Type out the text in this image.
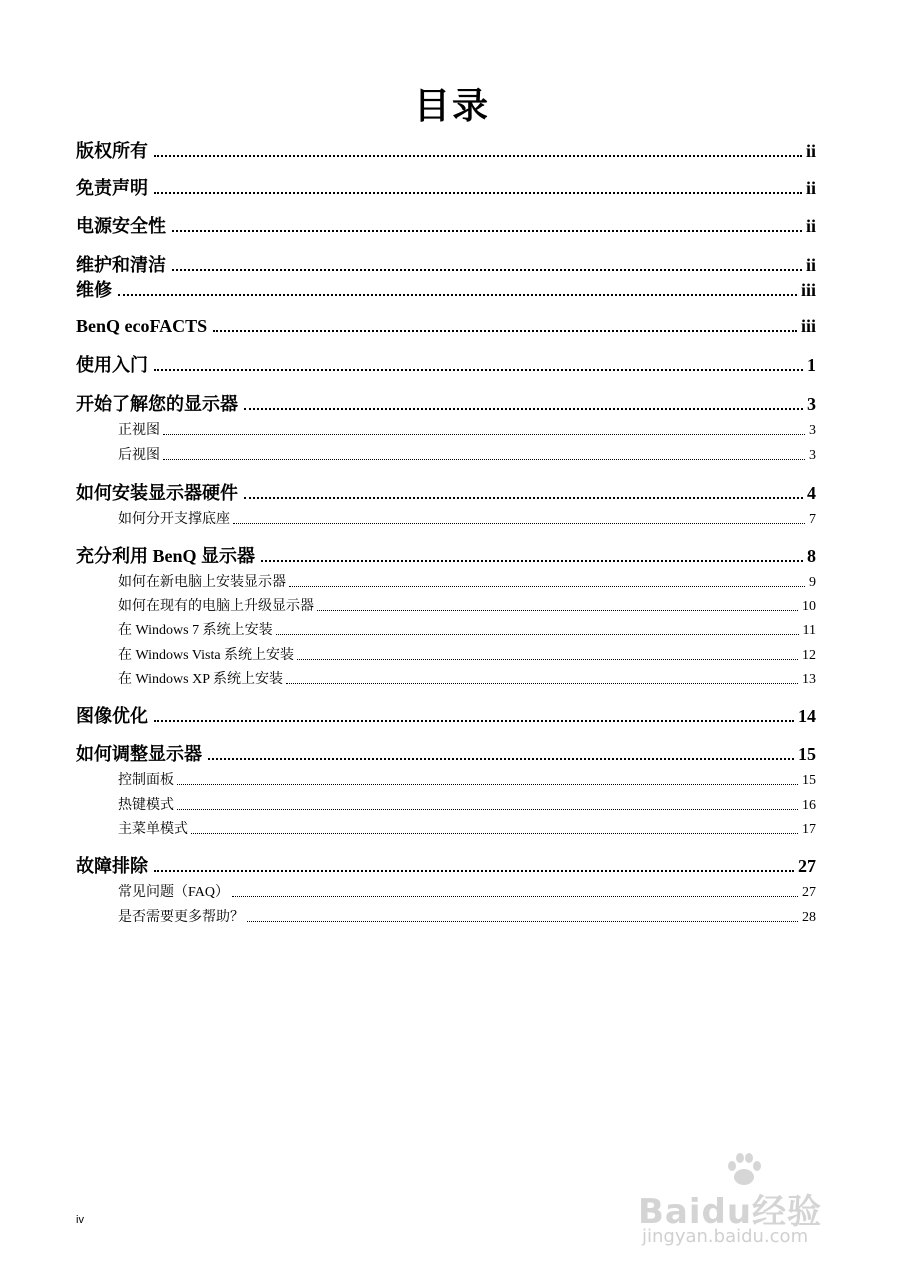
目录
版权所有	ii
免责声明	ii
电源安全性	ii
维护和清洁	ii
维修	iii
BenQ ecoFACTS	iii
使用入门	1
开始了解您的显示器	3
正视图	3
后视图	3
如何安装显示器硬件	4
如何分开支撑底座	7
充分利用 BenQ 显示器	8
如何在新电脑上安装显示器	9
如何在现有的电脑上升级显示器	10
在 Windows 7 系统上安装	11
在 Windows Vista 系统上安装	12
在 Windows XP 系统上安装	13
图像优化	14
如何调整显示器	15
控制面板	15
热键模式	16
主菜单模式	17
故障排除	27
常见问题（FAQ）	27
是否需要更多帮助？	28
iv	Baidu经验
jingyan.baidu.com
